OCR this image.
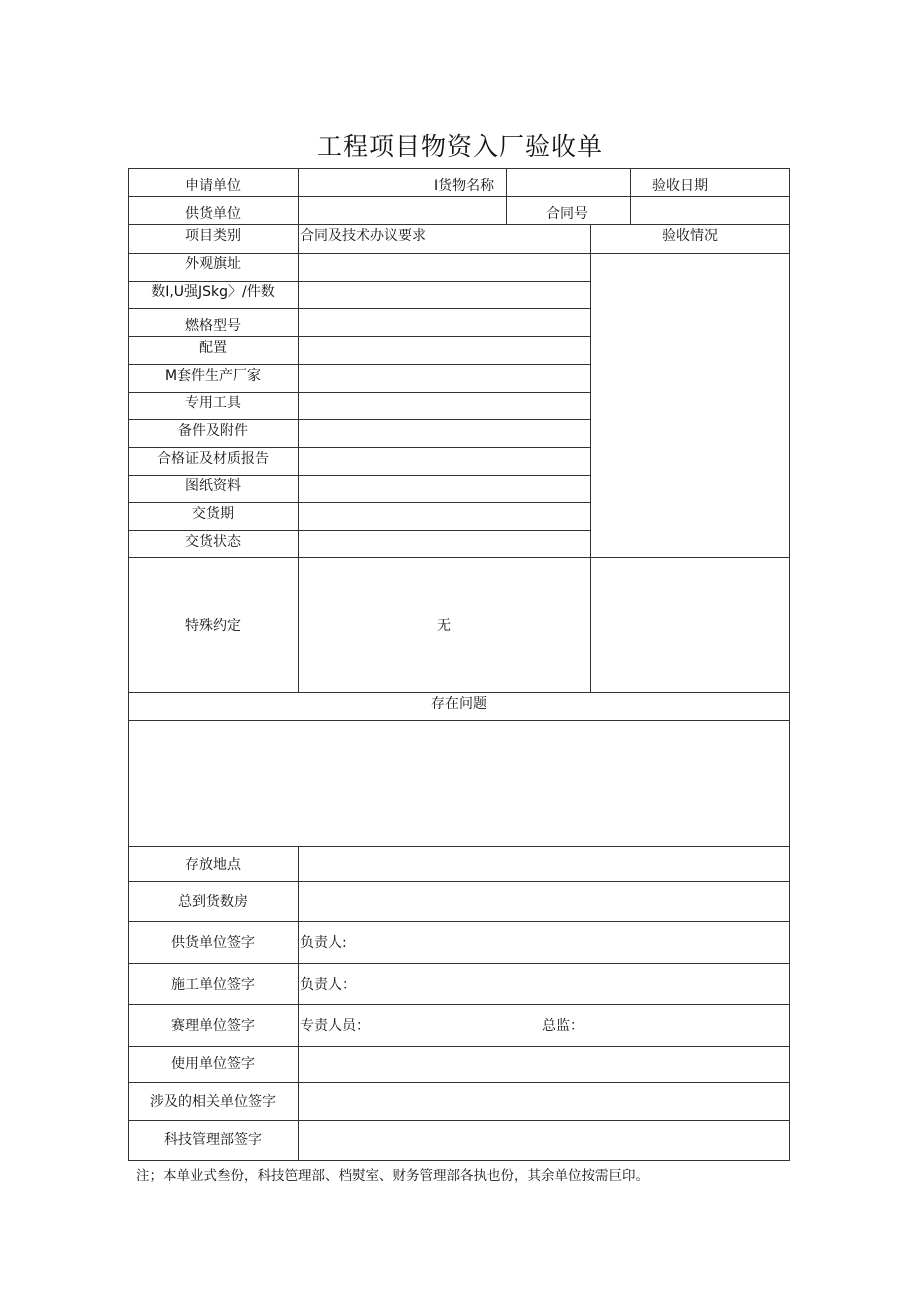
工程项目物资入厂验收单
申请单位	I货物名称	验收日期
供货单位	合同号
项目类别	合同及技术办议要求	验收情况
外观旗址
数I,U强JSkg〉/件数
燃格型号
配置
M套件生产厂家
专用工具
备件及附件
合格证及材质报告
图纸资料
交货期
交货状态
特殊约定	无
存在问题
存放地点
总到货数房
供货单位签字	负责人:
施工单位签字	负责人：
赛理单位签字	专责人员：	总监：
使用单位签字
涉及的相关单位签字
科技管理部签字
注；本单业式叁份，科技笆理部、档熨室、财务管理部各执也份，其余单位按需巨印。
